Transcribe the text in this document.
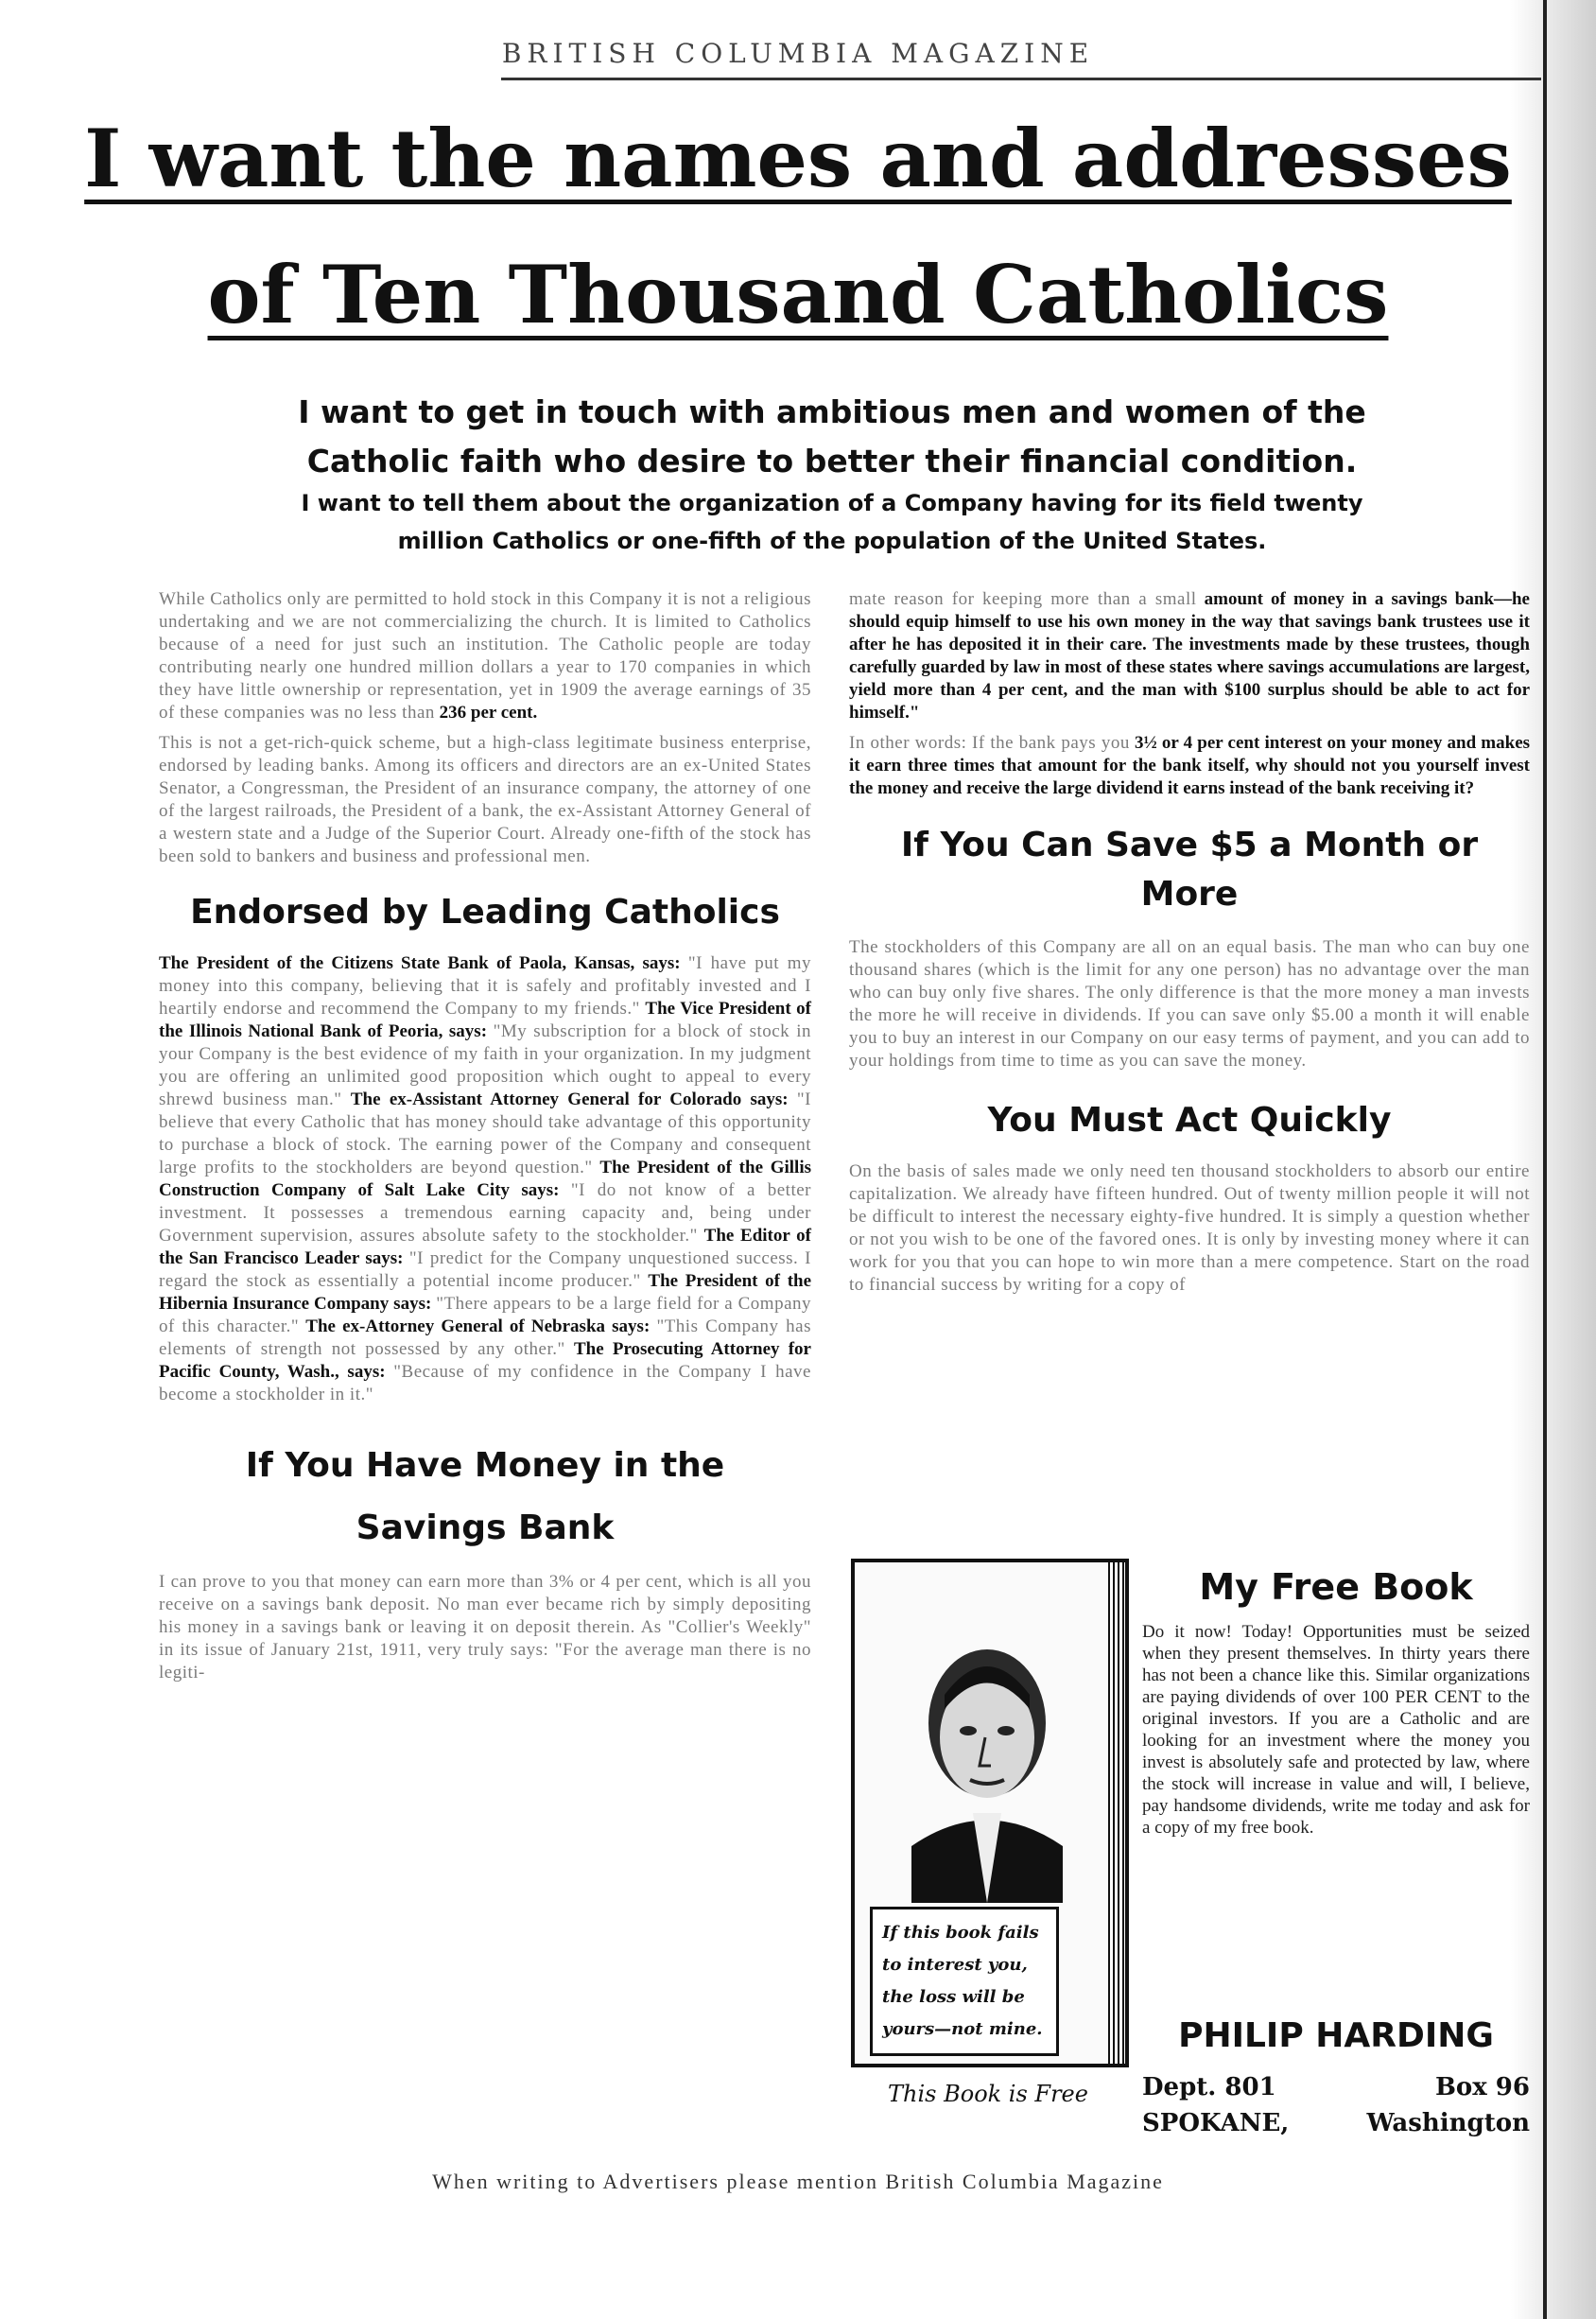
BRITISH COLUMBIA MAGAZINE
I want the names and addresses
of Ten Thousand Catholics
I want to get in touch with ambitious men and women of the Catholic faith who desire to better their financial condition.
I want to tell them about the organization of a Company having for its field twenty million Catholics or one-fifth of the population of the United States.

While Catholics only are permitted to hold stock in this Company it is not a religious undertaking and we are not commercializing the church. It is limited to Catholics because of a need for just such an institution. The Catholic people are today contributing nearly one hundred million dollars a year to 170 companies in which they have little ownership or representation, yet in 1909 the average earnings of 35 of these companies was no less than 236 per cent.

This is not a get-rich-quick scheme, but a high-class legitimate business enterprise, endorsed by leading banks. Among its officers and directors are an ex-United States Senator, a Congressman, the President of an insurance company, the attorney of one of the largest railroads, the President of a bank, the ex-Assistant Attorney General of a western state and a Judge of the Superior Court. Already one-fifth of the stock has been sold to bankers and business and professional men.

Endorsed by Leading Catholics

The President of the Citizens State Bank of Paola, Kansas, says: "I have put my money into this company, believing that it is safely and profitably invested and I heartily endorse and recommend the Company to my friends." The Vice President of the Illinois National Bank of Peoria, says: "My subscription for a block of stock in your Company is the best evidence of my faith in your organization. In my judgment you are offering an unlimited good proposition which ought to appeal to every shrewd business man." The ex-Assistant Attorney General for Colorado says: "I believe that every Catholic that has money should take advantage of this opportunity to purchase a block of stock. The earning power of the Company and consequent large profits to the stockholders are beyond question." The President of the Gillis Construction Company of Salt Lake City says: "I do not know of a better investment. It possesses a tremendous earning capacity and, being under Government supervision, assures absolute safety to the stockholder." The Editor of the San Francisco Leader says: "I predict for the Company unquestioned success. I regard the stock as essentially a potential income producer." The President of the Hibernia Insurance Company says: "There appears to be a large field for a Company of this character." The ex-Attorney General of Nebraska says: "This Company has elements of strength not possessed by any other." The Prosecuting Attorney for Pacific County, Wash., says: "Because of my confidence in the Company I have become a stockholder in it."

If You Have Money in the Savings Bank

I can prove to you that money can earn more than 3% or 4 per cent, which is all you receive on a savings bank deposit. No man ever became rich by simply depositing his money in a savings bank or leaving it on deposit therein. As "Collier's Weekly" in its issue of January 21st, 1911, very truly says: "For the average man there is no legiti-

mate reason for keeping more than a small amount of money in a savings bank—he should equip himself to use his own money in the way that savings bank trustees use it after he has deposited it in their care. The investments made by these trustees, though carefully guarded by law in most of these states where savings accumulations are largest, yield more than 4 per cent, and the man with $100 surplus should be able to act for himself."

In other words: If the bank pays you 3½ or 4 per cent interest on your money and makes it earn three times that amount for the bank itself, why should not you yourself invest the money and receive the large dividend it earns instead of the bank receiving it?

If You Can Save $5 a Month or More

The stockholders of this Company are all on an equal basis. The man who can buy one thousand shares (which is the limit for any one person) has no advantage over the man who can buy only five shares. The only difference is that the more money a man invests the more he will receive in dividends. If you can save only $5.00 a month it will enable you to buy an interest in our Company on our easy terms of payment, and you can add to your holdings from time to time as you can save the money.

You Must Act Quickly

On the basis of sales made we only need ten thousand stockholders to absorb our entire capitalization. We already have fifteen hundred. Out of twenty million people it will not be difficult to interest the necessary eighty-five hundred. It is simply a question whether or not you wish to be one of the favored ones. It is only by investing money where it can work for you that you can hope to win more than a mere competence. Start on the road to financial success by writing for a copy of

If this book fails to interest you, the loss will be yours—not mine.
This Book is Free
My Free Book

Do it now! Today! Opportunities must be seized when they present themselves. In thirty years there has not been a chance like this. Similar organizations are paying dividends of over 100 PER CENT to the original investors. If you are a Catholic and are looking for an investment where the money you invest is absolutely safe and protected by law, where the stock will increase in value and will, I believe, pay handsome dividends, write me today and ask for a copy of my free book.

PHILIP HARDING
Dept. 801	Box 96
SPOKANE,	Washington
When writing to Advertisers please mention British Columbia Magazine
